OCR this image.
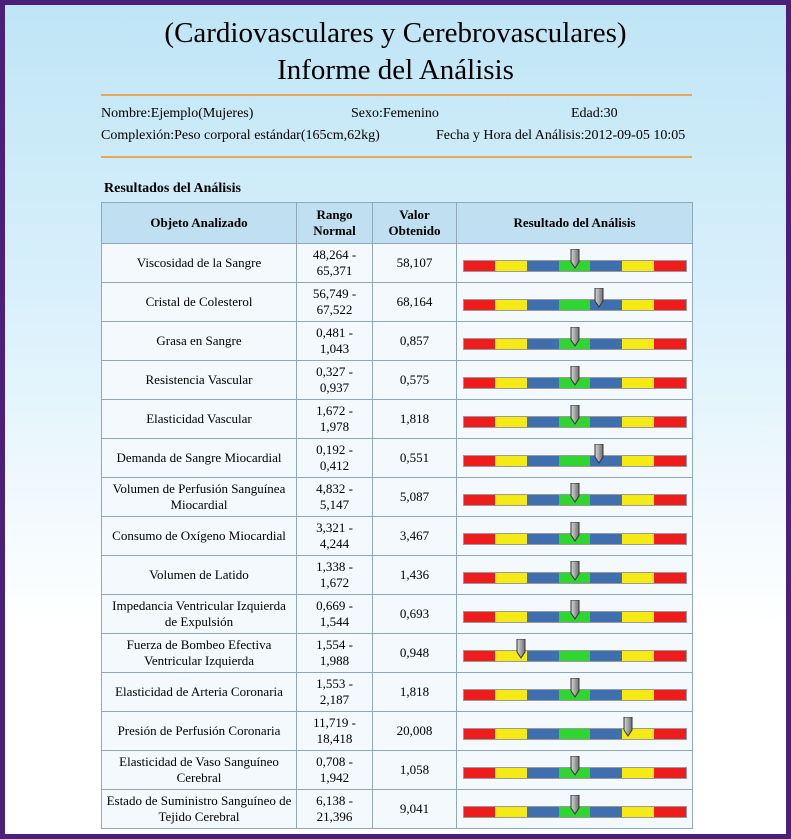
(Cardiovasculares y Cerebrovasculares)
Informe del Análisis
Nombre:Ejemplo(Mujeres)	Sexo:Femenino	Edad:30
Complexión:Peso corporal estándar(165cm,62kg)	Fecha y Hora del Análisis:2012-09-05 10:05
Resultados del Análisis
Objeto Analizado	Rango Normal	Valor Obtenido	Resultado del Análisis
Viscosidad de la Sangre	48,264 - 65,371	58,107	

Cristal de Colesterol	56,749 - 67,522	68,164	

Grasa en Sangre	0,481 - 1,043	0,857	

Resistencia Vascular	0,327 - 0,937	0,575	

Elasticidad Vascular	1,672 - 1,978	1,818	

Demanda de Sangre Miocardial	0,192 - 0,412	0,551	

Volumen de Perfusión Sanguínea Miocardial	4,832 - 5,147	5,087	

Consumo de Oxígeno Miocardial	3,321 - 4,244	3,467	

Volumen de Latido	1,338 - 1,672	1,436	

Impedancia Ventricular Izquierda de Expulsión	0,669 - 1,544	0,693	

Fuerza de Bombeo Efectiva Ventricular Izquierda	1,554 - 1,988	0,948	

Elasticidad de Arteria Coronaria	1,553 - 2,187	1,818	

Presión de Perfusión Coronaria	11,719 - 18,418	20,008	

Elasticidad de Vaso Sanguíneo Cerebral	0,708 - 1,942	1,058	

Estado de Suministro Sanguíneo de Tejido Cerebral	6,138 - 21,396	9,041	
